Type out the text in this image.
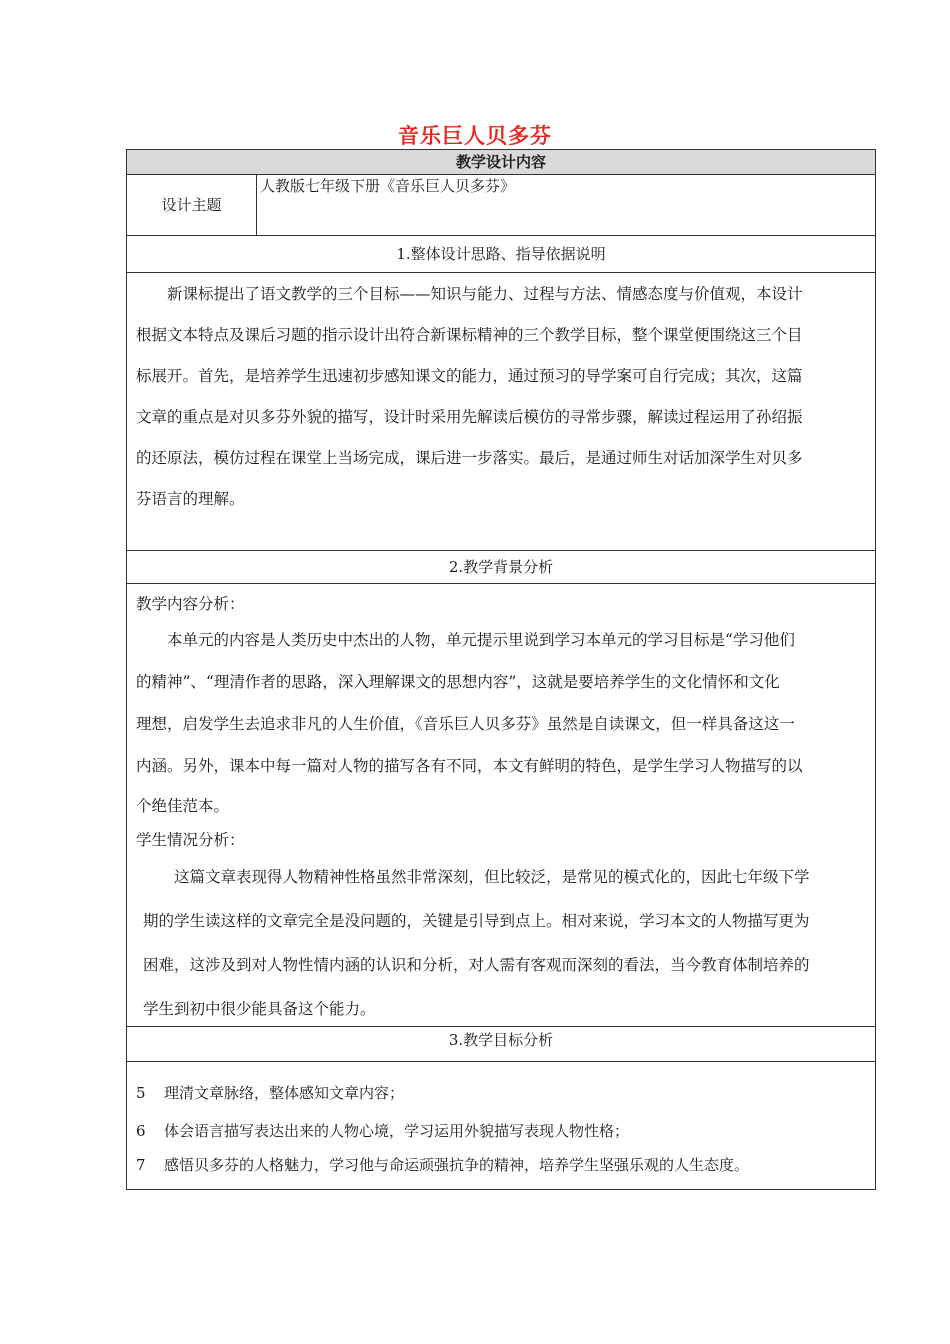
音乐巨人贝多芬
教学设计内容
设计主题
人教版七年级下册《音乐巨人贝多芬》
1.整体设计思路、指导依据说明

新课标提出了语文教学的三个目标——知识与能力、过程与方法、情感态度与价值观，本设计

根据文本特点及课后习题的指示设计出符合新课标精神的三个教学目标，整个课堂便围绕这三个目

标展开。首先，是培养学生迅速初步感知课文的能力，通过预习的导学案可自行完成；其次，这篇

文章的重点是对贝多芬外貌的描写，设计时采用先解读后模仿的寻常步骤，解读过程运用了孙绍振

的还原法，模仿过程在课堂上当场完成，课后进一步落实。最后，是通过师生对话加深学生对贝多

芬语言的理解。

2.教学背景分析

教学内容分析：

本单元的内容是人类历史中杰出的人物，单元提示里说到学习本单元的学习目标是“学习他们

的精神”、“理清作者的思路，深入理解课文的思想内容”，这就是要培养学生的文化情怀和文化

理想，启发学生去追求非凡的人生价值，《音乐巨人贝多芬》虽然是自读课文，但一样具备这这一

内涵。另外，课本中每一篇对人物的描写各有不同，本文有鲜明的特色，是学生学习人物描写的以

个绝佳范本。

学生情况分析：

这篇文章表现得人物精神性格虽然非常深刻，但比较泛，是常见的模式化的，因此七年级下学

期的学生读这样的文章完全是没问题的，关键是引导到点上。相对来说，学习本文的人物描写更为

困难，这涉及到对人物性情内涵的认识和分析，对人需有客观而深刻的看法，当今教育体制培养的

学生到初中很少能具备这个能力。

3.教学目标分析
5 理清文章脉络，整体感知文章内容；
6 体会语言描写表达出来的人物心境，学习运用外貌描写表现人物性格；
7 感悟贝多芬的人格魅力，学习他与命运顽强抗争的精神，培养学生坚强乐观的人生态度。
